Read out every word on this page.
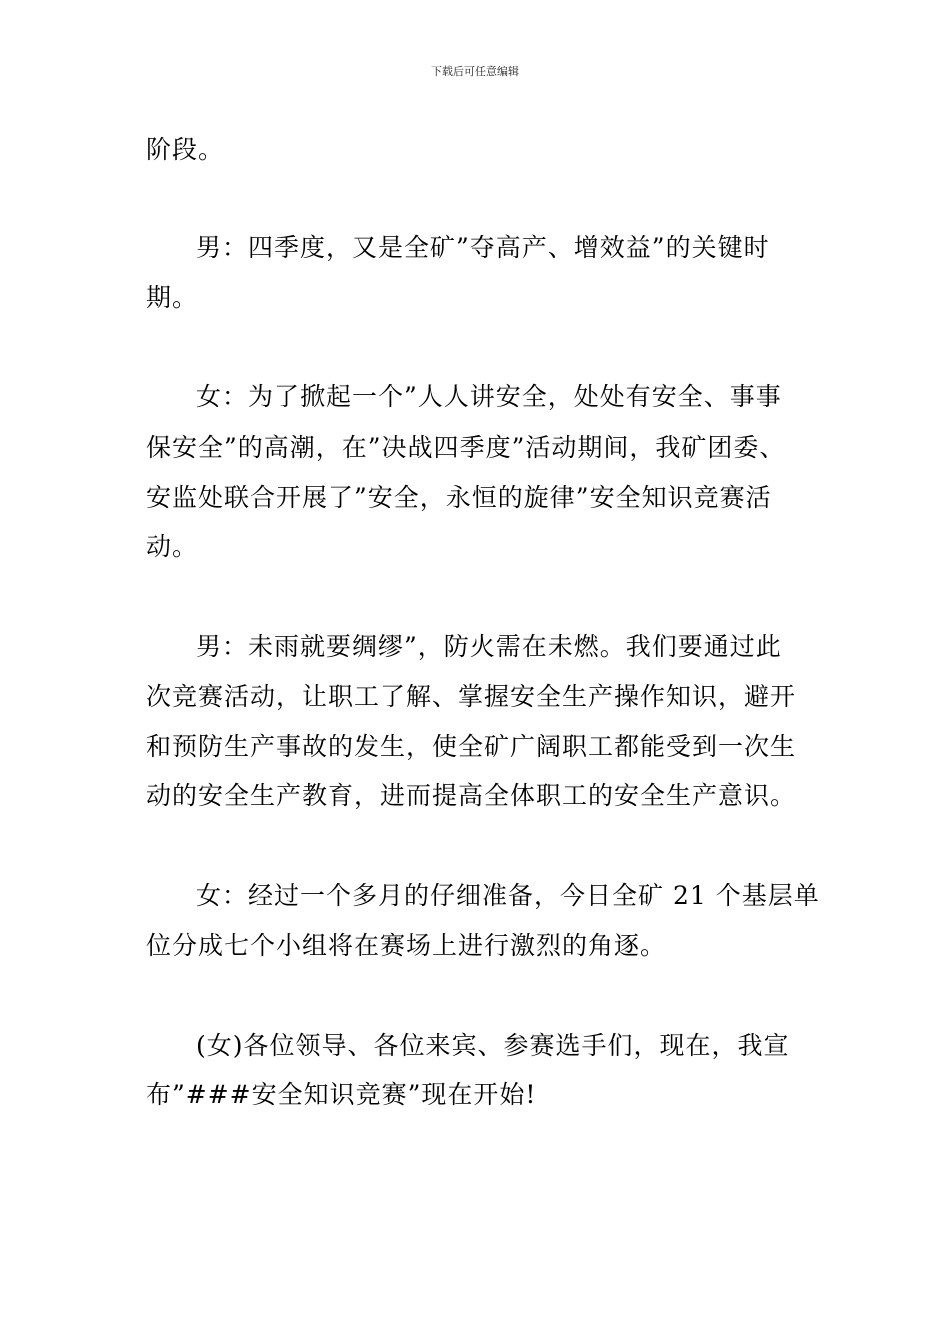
下载后可任意编辑
阶段。
男：四季度，又是全矿”夺高产、增效益”的关键时
期。
女：为了掀起一个”人人讲安全，处处有安全、事事
保安全”的高潮，在”决战四季度”活动期间，我矿团委、
安监处联合开展了”安全，永恒的旋律”安全知识竞赛活
动。
男：未雨就要绸缪”，防火需在未燃。我们要通过此
次竞赛活动，让职工了解、掌握安全生产操作知识，避开
和预防生产事故的发生，使全矿广阔职工都能受到一次生
动的安全生产教育，进而提高全体职工的安全生产意识。
女：经过一个多月的仔细准备，今日全矿 21 个基层单
位分成七个小组将在赛场上进行激烈的角逐。
(女)各位领导、各位来宾、参赛选手们，现在，我宣
布”###安全知识竞赛”现在开始!
